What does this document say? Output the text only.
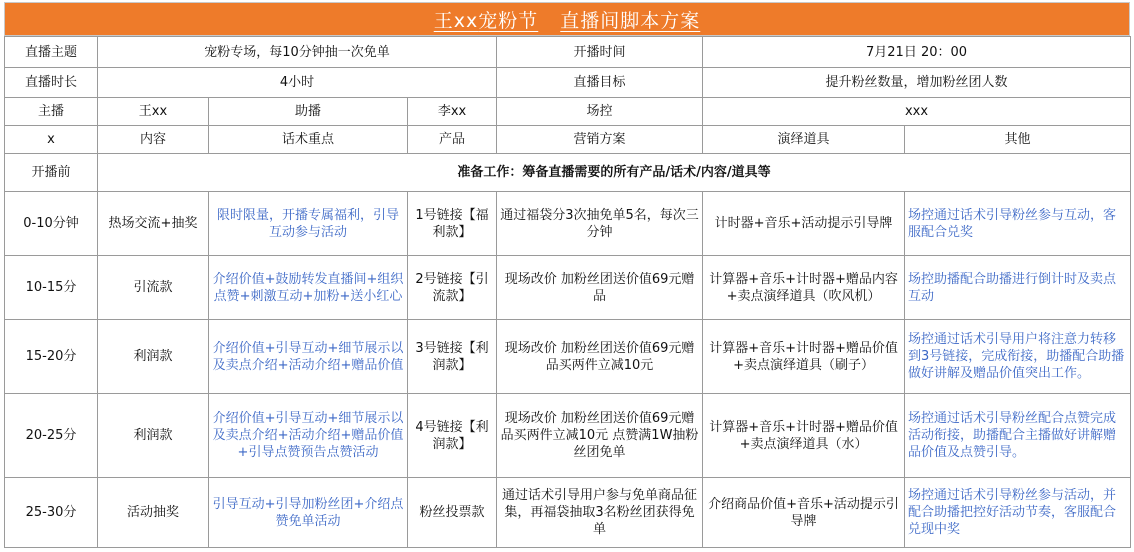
王xx 宠粉节 直播间脚本方案
直播主题	宠粉专场，每10分钟抽一次免单			开播时间	7月21日 20：00	
直播时长	4小时			直播目标	提升粉丝数量，增加粉丝团人数	
主播	王xx	助播	李xx	场控	xxx	
x	内容	话术重点	产品	营销方案	演绎道具	其他
开播前	准备工作：筹备直播需要的所有产品/话术/内容/道具等					
0-10分钟	热场交流+抽奖	限时限量，开播专属福利，引导互动参与活动	1号链接【福利款】	通过福袋分3次抽免单5名，每次三分钟	计时器+音乐+活动提示引导牌	场控通过话术引导粉丝参与互动，客服配合兑奖
10-15分	引流款	介绍价值+鼓励转发直播间+组织点赞+刺激互动+加粉+送小红心	2号链接【引流款】	现场改价 加粉丝团送价值69元赠品	计算器+音乐+计时器+赠品内容+卖点演绎道具（吹风机）	场控助播配合助播进行倒计时及卖点互动
15-20分	利润款	介绍价值+引导互动+细节展示以及卖点介绍+活动介绍+赠品价值	3号链接【利润款】	现场改价 加粉丝团送价值69元赠品买两件立减10元	计算器+音乐+计时器+赠品价值+卖点演绎道具（刷子）	场控通过话术引导用户将注意力转移到3号链接，完成衔接，助播配合助播做好讲解及赠品价值突出工作。
20-25分	利润款	介绍价值+引导互动+细节展示以及卖点介绍+活动介绍+赠品价值+引导点赞预告点赞活动	4号链接【利润款】	现场改价 加粉丝团送价值69元赠品买两件立减10元 点赞满1W抽粉丝团免单	计算器+音乐+计时器+赠品价值+卖点演绎道具（水）	场控通过话术引导粉丝配合点赞完成活动衔接，助播配合主播做好讲解赠品价值及点赞引导。
25-30分	活动抽奖	引导互动+引导加粉丝团+介绍点赞免单活动	粉丝投票款	通过话术引导用户参与免单商品征集，再福袋抽取3名粉丝团获得免单	介绍商品价值+音乐+活动提示引导牌	场控通过话术引导粉丝参与活动，并配合助播把控好活动节奏，客服配合兑现中奖
